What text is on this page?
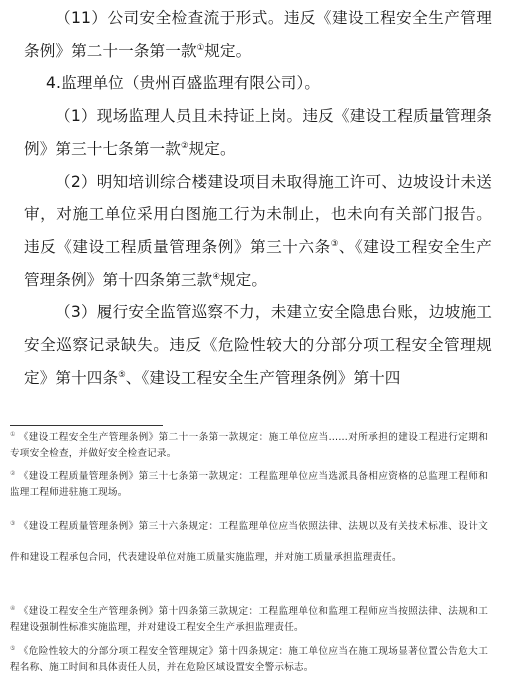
（11）公司安全检查流于形式。违反《建设工程安全生产管理条例》第二十一条第一款①规定。

4.监理单位（贵州百盛监理有限公司）。

（1）现场监理人员且未持证上岗。违反《建设工程质量管理条例》第三十七条第一款②规定。

（2）明知培训综合楼建设项目未取得施工许可、边坡设计未送审，对施工单位采用白图施工行为未制止，也未向有关部门报告。违反《建设工程质量管理条例》第三十六条③、《建设工程安全生产管理条例》第十四条第三款④规定。

（3）履行安全监管巡察不力，未建立安全隐患台账，边坡施工安全巡察记录缺失。违反《危险性较大的分部分项工程安全管理规定》第十四条⑤、《建设工程安全生产管理条例》第十四

① 《建设工程安全生产管理条例》第二十一条第一款规定：施工单位应当……对所承担的建设工程进行定期和专项安全检查，并做好安全检查记录。

② 《建设工程质量管理条例》第三十七条第一款规定：工程监理单位应当选派具备相应资格的总监理工程师和监理工程师进驻施工现场。

③ 《建设工程质量管理条例》第三十六条规定：工程监理单位应当依照法律、法规以及有关技术标准、设计文件和建设工程承包合同，代表建设单位对施工质量实施监理，并对施工质量承担监理责任。

④ 《建设工程安全生产管理条例》第十四条第三款规定：工程监理单位和监理工程师应当按照法律、法规和工程建设强制性标准实施监理，并对建设工程安全生产承担监理责任。

⑤ 《危险性较大的分部分项工程安全管理规定》第十四条规定：施工单位应当在施工现场显著位置公告危大工程名称、施工时间和具体责任人员，并在危险区域设置安全警示标志。
